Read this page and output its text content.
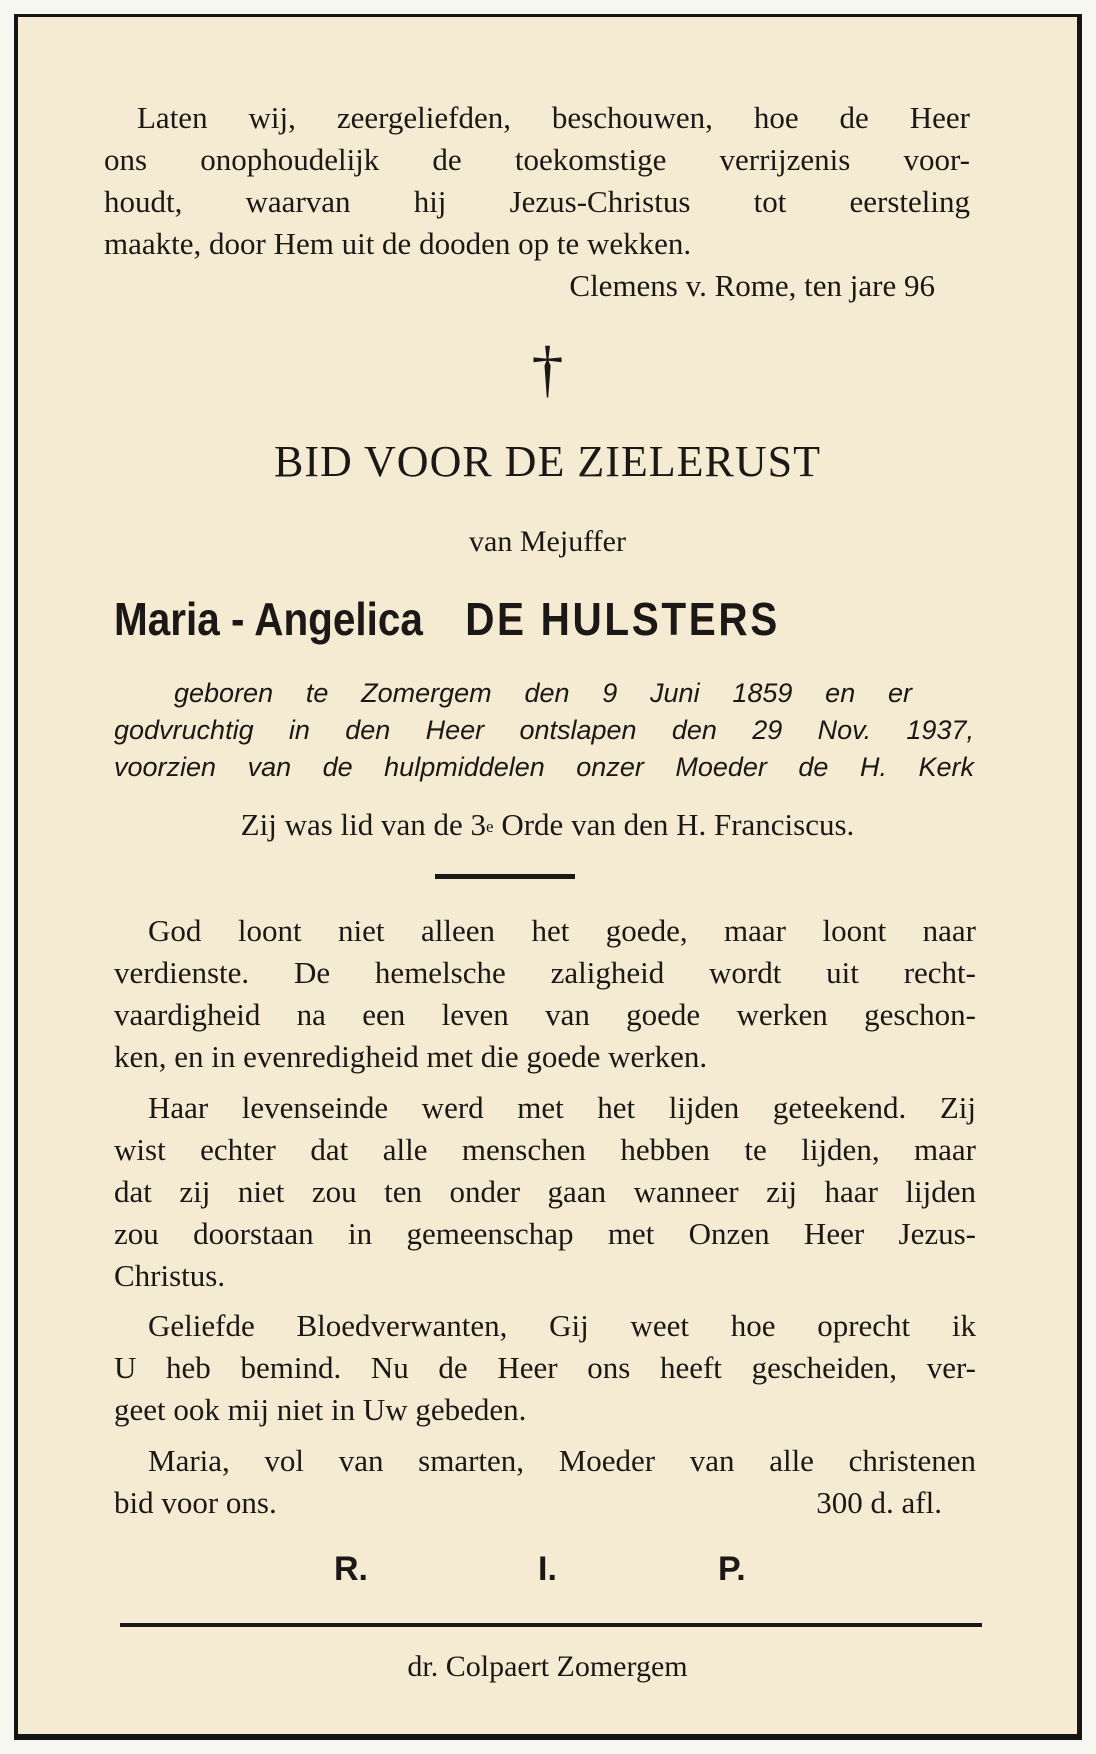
Laten wij, zeergeliefden, beschouwen, hoe de Heer

ons onophoudelijk de toekomstige verrijzenis voor-

houdt, waarvan hij Jezus-Christus tot eersteling

maakte, door Hem uit de dooden op te wekken.

Clemens v. Rome, ten jare 96
†
BID VOOR DE ZIELERUST
van Mejuffer
Maria - Angelica DE HULSTERS

geboren te Zomergem den 9 Juni 1859 en er

godvruchtig in den Heer ontslapen den 29 Nov. 1937,

voorzien van de hulpmiddelen onzer Moeder de H. Kerk

Zij was lid van de 3e Orde van den H. Franciscus.

God loont niet alleen het goede, maar loont naar

verdienste. De hemelsche zaligheid wordt uit recht-

vaardigheid na een leven van goede werken geschon-

ken, en in evenredigheid met die goede werken.

Haar levenseinde werd met het lijden geteekend. Zij

wist echter dat alle menschen hebben te lijden, maar

dat zij niet zou ten onder gaan wanneer zij haar lijden

zou doorstaan in gemeenschap met Onzen Heer Jezus-

Christus.

Geliefde Bloedverwanten, Gij weet hoe oprecht ik

U heb bemind. Nu de Heer ons heeft gescheiden, ver-

geet ook mij niet in Uw gebeden.

Maria, vol van smarten, Moeder van alle christenen

bid voor ons.	300 d. afl.
R.	I.	P.
dr. Colpaert Zomergem
